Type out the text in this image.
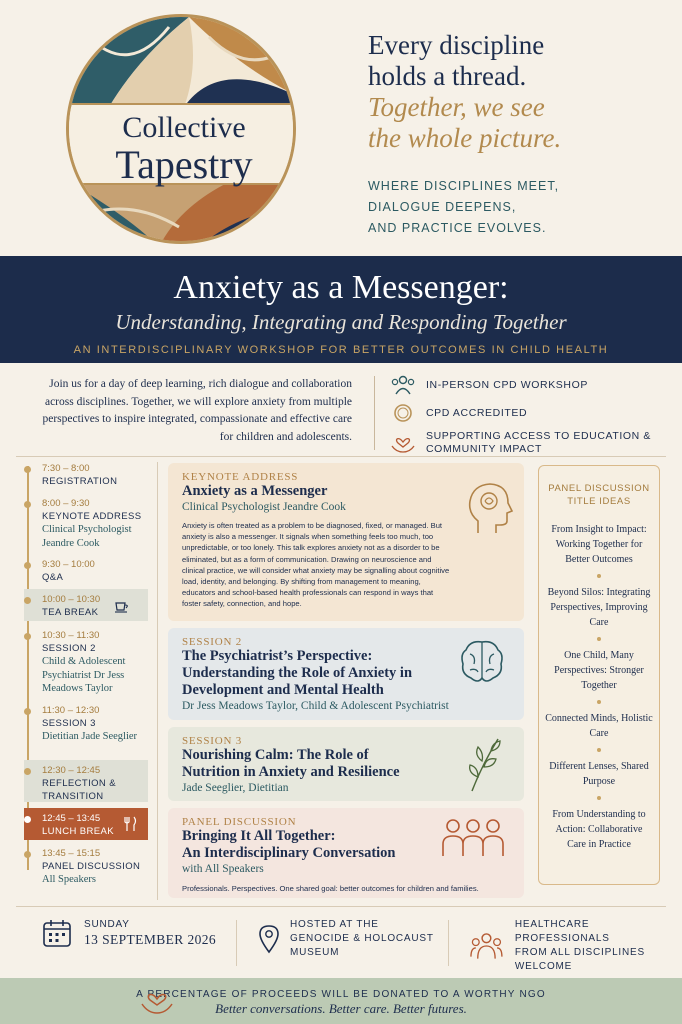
Collective
Tapestry
Every discipline
holds a thread.
Together, we see
the whole picture.
WHERE DISCIPLINES MEET,
DIALOGUE DEEPENS,
AND PRACTICE EVOLVES.
Anxiety as a Messenger:
Understanding, Integrating and Responding Together
AN INTERDISCIPLINARY WORKSHOP FOR BETTER OUTCOMES IN CHILD HEALTH
Join us for a day of deep learning, rich dialogue and collaboration across disciplines. Together, we will explore anxiety from multiple perspectives to inspire integrated, compassionate and effective care for children and adolescents.
IN-PERSON CPD WORKSHOP
CPD ACCREDITED
SUPPORTING ACCESS TO EDUCATION & COMMUNITY IMPACT
7:30 – 8:00
REGISTRATION
8:00 – 9:30
KEYNOTE ADDRESS
Clinical Psychologist Jeandre Cook
9:30 – 10:00
Q&A
10:00 – 10:30
TEA BREAK
10:30 – 11:30
SESSION 2
Child & Adolescent Psychiatrist Dr Jess Meadows Taylor
11:30 – 12:30
SESSION 3
Dietitian Jade Seeglier
12:30 – 12:45
REFLECTION & TRANSITION
12:45 – 13:45
LUNCH BREAK
13:45 – 15:15
PANEL DISCUSSION
All Speakers
KEYNOTE ADDRESS
Anxiety as a Messenger
Clinical Psychologist Jeandre Cook
Anxiety is often treated as a problem to be diagnosed, fixed, or managed. But anxiety is also a messenger. It signals when something feels too much, too unpredictable, or too lonely. This talk explores anxiety not as a disorder to be eliminated, but as a form of communication. Drawing on neuroscience and clinical practice, we will consider what anxiety may be signalling about cognitive load, identity, and belonging. By shifting from management to meaning, educators and school-based health professionals can respond in ways that foster safety, connection, and hope.
SESSION 2
The Psychiatrist’s Perspective:
Understanding the Role of Anxiety in
Development and Mental Health
Dr Jess Meadows Taylor, Child & Adolescent Psychiatrist
SESSION 3
Nourishing Calm: The Role of
Nutrition in Anxiety and Resilience
Jade Seeglier, Dietitian
PANEL DISCUSSION
Bringing It All Together:
An Interdisciplinary Conversation
with All Speakers
Professionals. Perspectives. One shared goal: better outcomes for children and families.
PANEL DISCUSSION TITLE IDEAS
From Insight to Impact: Working Together for Better Outcomes
Beyond Silos: Integrating Perspectives, Improving Care
One Child, Many Perspectives: Stronger Together
Connected Minds, Holistic Care
Different Lenses, Shared Purpose
From Understanding to Action: Collaborative Care in Practice
SUNDAY
13 SEPTEMBER 2026
HOSTED AT THE
GENOCIDE & HOLOCAUST
MUSEUM
HEALTHCARE PROFESSIONALS
FROM ALL DISCIPLINES
WELCOME
A PERCENTAGE OF PROCEEDS WILL BE DONATED TO A WORTHY NGO
Better conversations. Better care. Better futures.
